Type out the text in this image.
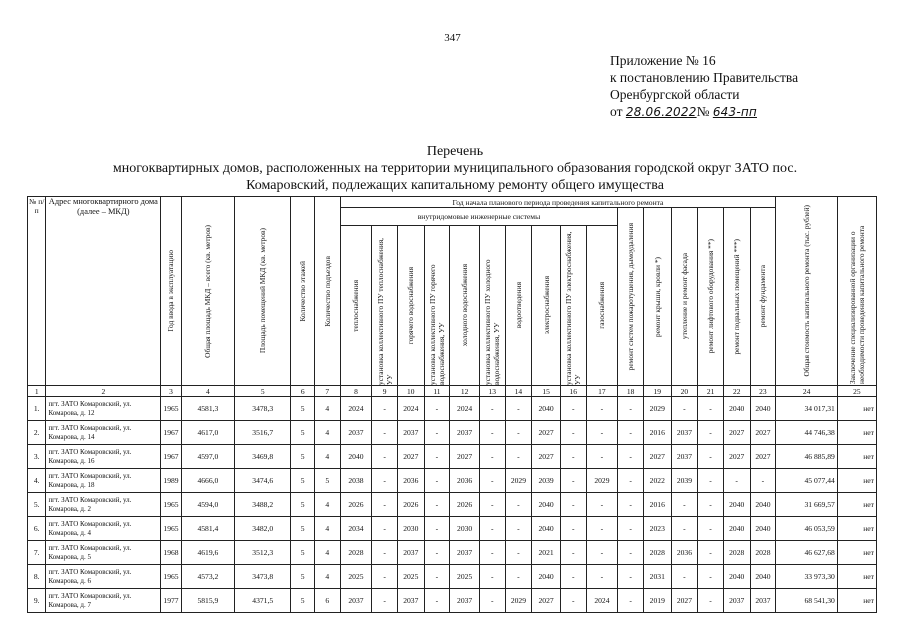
347
Приложение № 16
к постановлению Правительства
Оренбургской области
от 28.06.2022№ 643-пп
Перечень
многоквартирных домов, расположенных на территории муниципального образования городской округ ЗАТО пос.
Комаровский, подлежащих капитальному ремонту общего имущества
№ п/п	Адрес многоквартирного дома (далее – МКД)	Год ввода в эксплуатацию	Общая площадь МКД – всего (кв. метров)	Площадь помещений МКД (кв. метров)	Количество этажей	Количество подъездов	Год начала планового периода проведения капитального ремонта																Общая стоимость капитального ремонта (тыс. рублей)	Заключение специализированной организации о необходимости проведения капитального ремонта

							внутридомовые инженерные системы										ремонт систем пожаротушения, дымоудаления	ремонт крыши, кровли *)	утепление и ремонт фасада	ремонт лифтового оборудования **)	ремонт подвальных помещений ***)	ремонт фундамента		

							теплоснабжения	установка коллективного ПУ теплоснабжения, УУ	горячего водоснабжения	установка коллективного ПУ горячего водоснабжения, УУ	холодного водоснабжения	установка коллективного ПУ холодного водоснабжения, УУ	водоотведения	электроснабжения	установка коллективного ПУ электроснабжения, УУ	газоснабжения								

1	2	3	4	5	6	7	8	9	10	11	12	13	14	15	16	17	18	19	20	21	22	23	24	25
1.	пгт. ЗАТО Комаровский, ул. Комарова, д. 12	1965	4581,3	3478,3	5	4	2024	-	2024	-	2024	-	-	2040	-	-	-	2029	-	-	2040	2040	34 017,31	нет
2.	пгт. ЗАТО Комаровский, ул. Комарова, д. 14	1967	4617,0	3516,7	5	4	2037	-	2037	-	2037	-	-	2027	-	-	-	2016	2037	-	2027	2027	44 746,38	нет
3.	пгт. ЗАТО Комаровский, ул. Комарова, д. 16	1967	4597,0	3469,8	5	4	2040	-	2027	-	2027	-	-	2027	-	-	-	2027	2037	-	2027	2027	46 885,89	нет
4.	пгт. ЗАТО Комаровский, ул. Комарова, д. 18	1989	4666,0	3474,6	5	5	2038	-	2036	-	2036	-	2029	2039	-	2029	-	2022	2039	-	-	-	45 077,44	нет
5.	пгт. ЗАТО Комаровский, ул. Комарова, д. 2	1965	4594,0	3488,2	5	4	2026	-	2026	-	2026	-	-	2040	-	-	-	2016	-	-	2040	2040	31 669,57	нет
6.	пгт. ЗАТО Комаровский, ул. Комарова, д. 4	1965	4581,4	3482,0	5	4	2034	-	2030	-	2030	-	-	2040	-	-	-	2023	-	-	2040	2040	46 053,59	нет
7.	пгт. ЗАТО Комаровский, ул. Комарова, д. 5	1968	4619,6	3512,3	5	4	2028	-	2037	-	2037	-	-	2021	-	-	-	2028	2036	-	2028	2028	46 627,68	нет
8.	пгт. ЗАТО Комаровский, ул. Комарова, д. 6	1965	4573,2	3473,8	5	4	2025	-	2025	-	2025	-	-	2040	-	-	-	2031	-	-	2040	2040	33 973,30	нет
9.	пгт. ЗАТО Комаровский, ул. Комарова, д. 7	1977	5815,9	4371,5	5	6	2037	-	2037	-	2037	-	2029	2027	-	2024	-	2019	2027	-	2037	2037	68 541,30	нет
